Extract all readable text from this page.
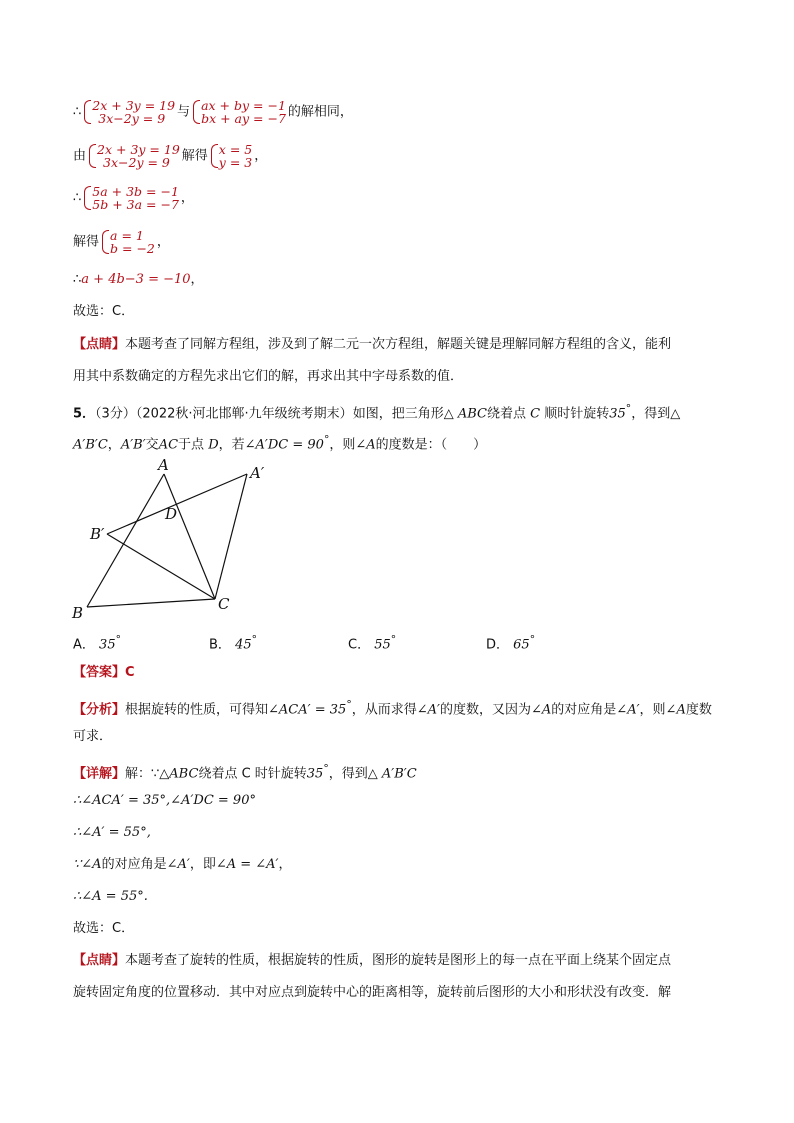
∴ 2x + 3y = 19
3x−2y = 9 与 ax + by = −1
bx + ay = −7 的解相同，
由 2x + 3y = 19
3x−2y = 9 解得 x = 5
y = 3 ，
∴ 5a + 3b = −1
5b + 3a = −7 ，
解得 a = 1
b = −2 ，
∴a + 4b−3 = −10，
故选：C．
【点睛】本题考查了同解方程组，涉及到了解二元一次方程组，解题关键是理解同解方程组的含义，能利
用其中系数确定的方程先求出它们的解，再求出其中字母系数的值．
5．（3分）（2022秋·河北邯郸·九年级统考期末）如图，把三角形△ ABC绕着点 C 顺时针旋转35°，得到△
A′B′C，A′B′交AC于点 D，若∠A′DC = 90°，则∠A的度数是：（　　）
A	A′
B′
D
B	C
A． 35°	B． 45°	C． 55°	D． 65°
【答案】C
【分析】根据旋转的性质，可得知∠ACA′ = 35°，从而求得∠A′的度数，又因为∠A的对应角是∠A′，则∠A度数
可求．
【详解】解：∵△ABC绕着点 C 时针旋转35°，得到△ A′B′C
∴∠ACA′ = 35°,∠A′DC = 90°
∴∠A′ = 55°,
∵∠A的对应角是∠A′，即∠A = ∠A′，
∴∠A = 55°.
故选：C．
【点睛】本题考查了旋转的性质，根据旋转的性质，图形的旋转是图形上的每一点在平面上绕某个固定点
旋转固定角度的位置移动．其中对应点到旋转中心的距离相等，旋转前后图形的大小和形状没有改变．解
